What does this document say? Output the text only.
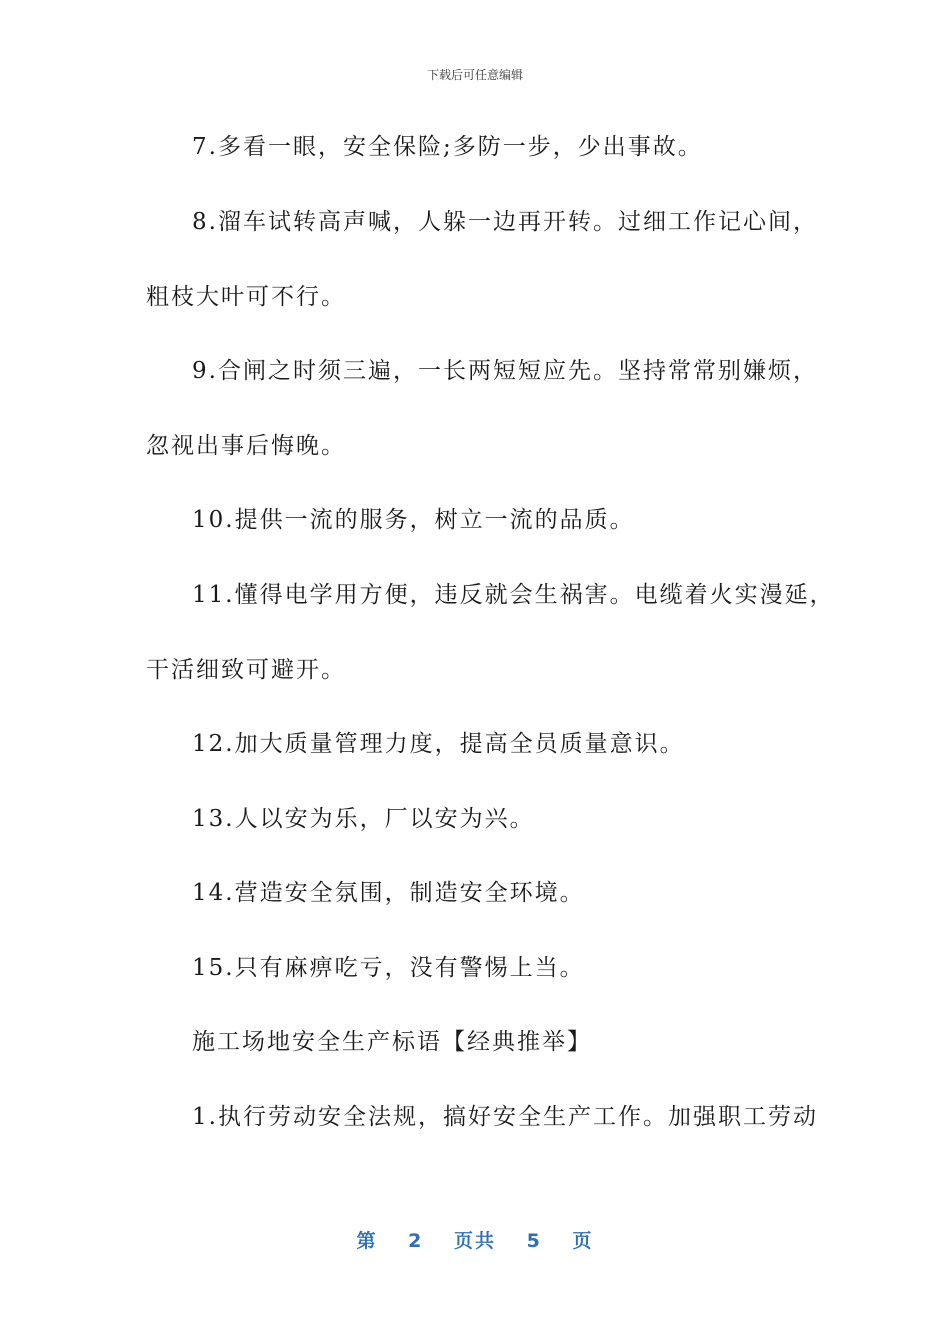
下载后可任意编辑
7.多看一眼，安全保险;多防一步，少出事故。
8.溜车试转高声喊，人躲一边再开转。过细工作记心间，
粗枝大叶可不行。
9.合闸之时须三遍，一长两短短应先。坚持常常别嫌烦，
忽视出事后悔晚。
10.提供一流的服务，树立一流的品质。
11.懂得电学用方便，违反就会生祸害。电缆着火实漫延，
干活细致可避开。
12.加大质量管理力度，提高全员质量意识。
13.人以安为乐，厂以安为兴。
14.营造安全氛围，制造安全环境。
15.只有麻痹吃亏，没有警惕上当。
施工场地安全生产标语【经典推举】
1.执行劳动安全法规，搞好安全生产工作。加强职工劳动
第 2 页共 5 页
